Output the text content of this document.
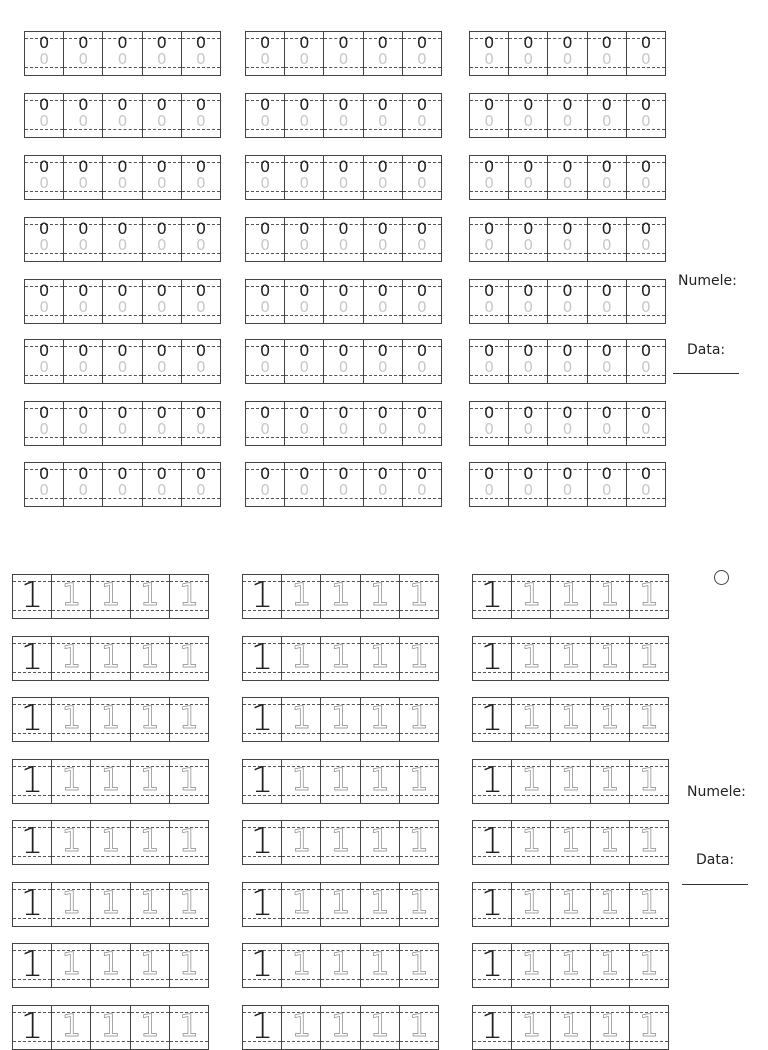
0
0
0
0
0
0
0
0
0
0
0
0
0
0
0
0
0
0
0
0
0
0
0
0
0
0
0
0
0
0
0
0
0
0
0
0
0
0
0
0
0
0
0
0
0
0
0
0
0
0
0
0
0
0
0
0
0
0
0
0
0
0
0
0
0
0
0
0
0
0
0
0
0
0
0
0
0
0
0
0
0
0
0
0
0
0
0
0
0
0
0
0
0
0
0
0
0
0
0
0
0
0
0
0
0
0
0
0
0
0
0
0
0
0
0
0
0
0
0
0
0
0
0
0
0
0
0
0
0
0
0
0
0
0
0
0
0
0
0
0
0
0
0
0
0
0
0
0
0
0
0
0
0
0
0
0
0
0
0
0
0
0
0
0
0
0
0
0
0
0
0
0
0
0
0
0
0
0
0
0
0
0
0
0
0
0
0
0
0
0
0
0
0
0
0
0
0
0
0
0
0
0
0
0
0
0
0
0
0
0
0
0
0
0
0
0
0
0
0
0
0
0
0
0
0
0
0
0
0
0
0
0
0
0
0
0
0
0
0
0
1 1 1 1 1
1 1 1 1 1
1 1 1 1 1
1 1 1 1 1
1 1 1 1 1
1 1 1 1 1
1 1 1 1 1
1 1 1 1 1
1 1 1 1 1
1 1 1 1 1
1 1 1 1 1
1 1 1 1 1
1 1 1 1 1
1 1 1 1 1
1 1 1 1 1
1 1 1 1 1
1 1 1 1 1
1 1 1 1 1
1 1 1 1 1
1 1 1 1 1
1 1 1 1 1
1 1 1 1 1
1 1 1 1 1
1 1 1 1 1
Numele:
Data:
Numele:
Data:
